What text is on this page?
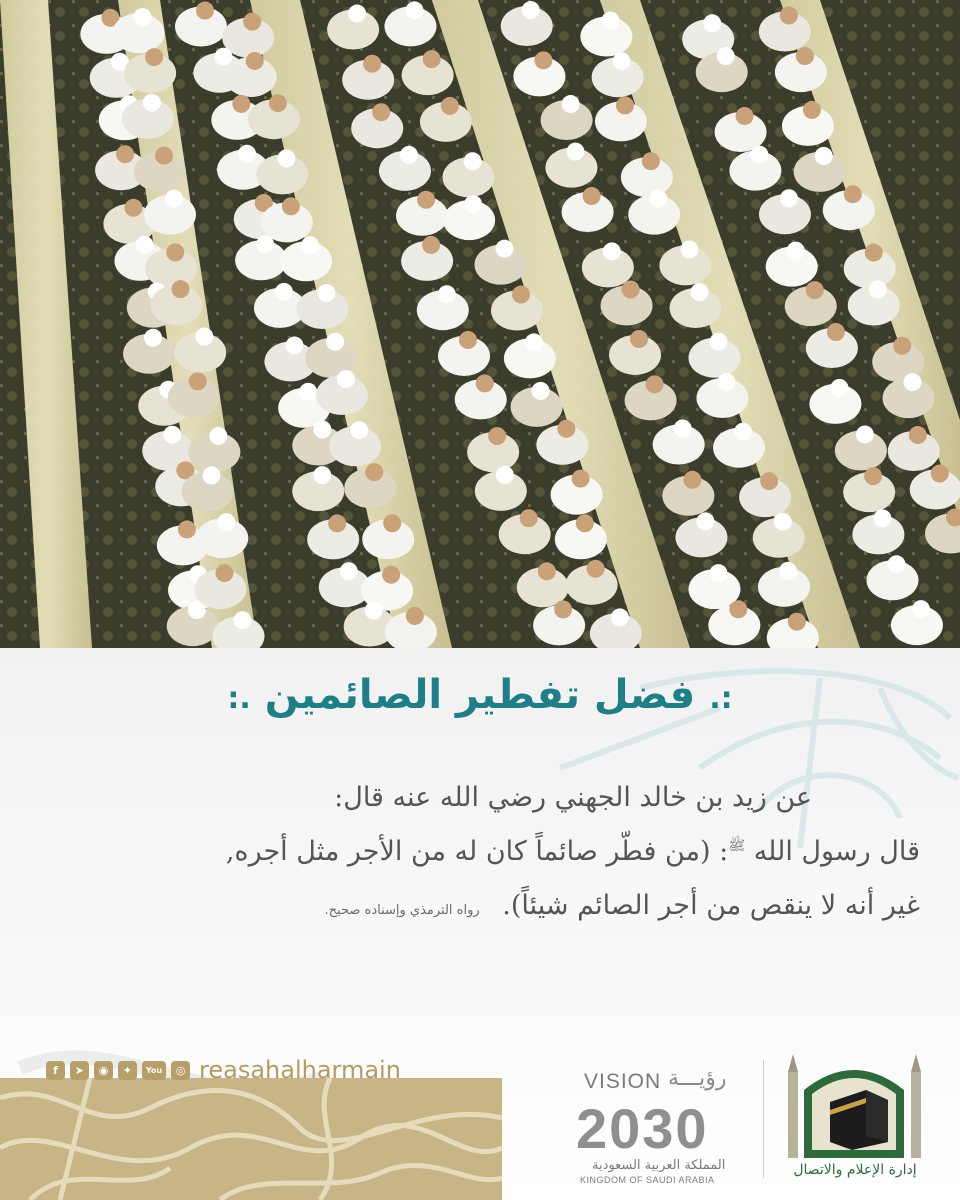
:.فضل تفطير الصائمين.:
عن زيد بن خالد الجهني رضي الله عنه قال:
قال رسول الله $^ﷺ$: (من فطّر صائماً كان له من الأجر مثل أجره,
غير أنه لا ينقص من أجر الصائم شيئاً). رواه الترمذي وإسناده صحيح.
f	➤	◉	✦	You	◎ reasahalharmain	VISION رؤيـــة
2030
المملكة العربية السعودية
KINGDOM OF SAUDI ARABIA
إدارة الإعلام والاتصال
